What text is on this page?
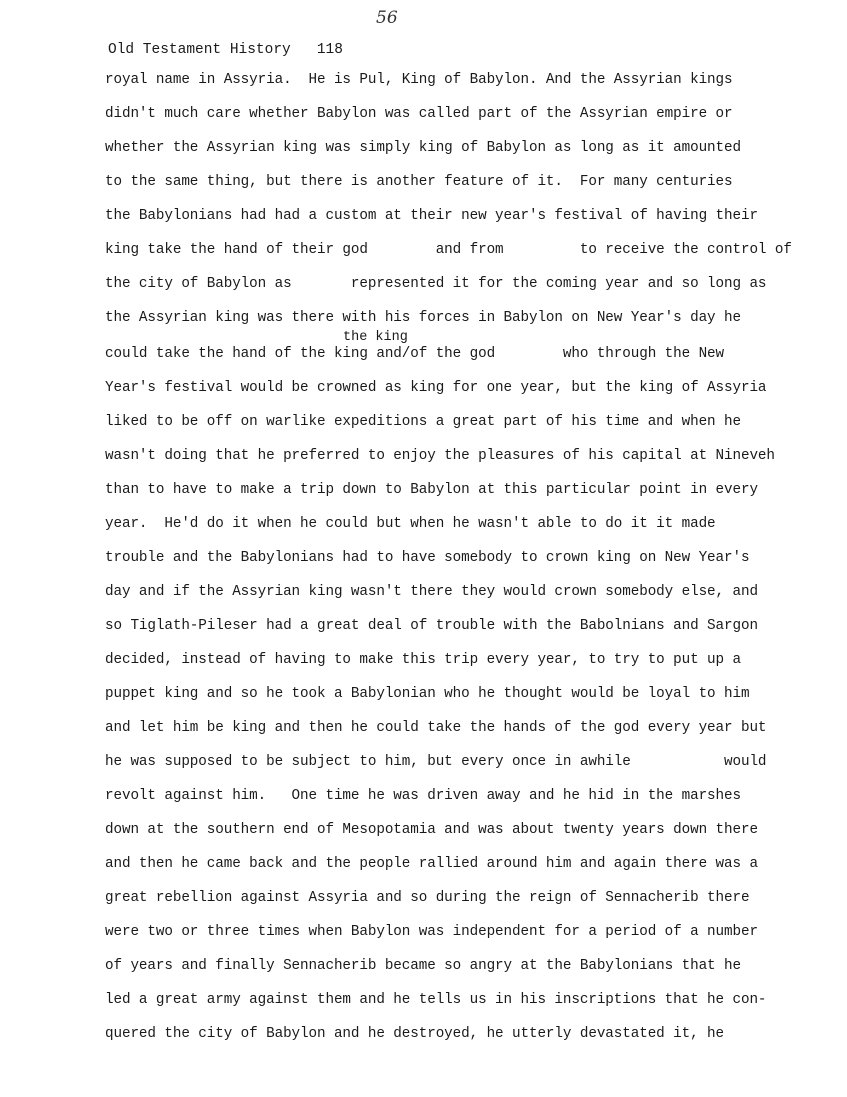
56
Old Testament History   118
royal name in Assyria.  He is Pul, King of Babylon. And the Assyrian kings
didn't much care whether Babylon was called part of the Assyrian empire or
whether the Assyrian king was simply king of Babylon as long as it amounted
to the same thing, but there is another feature of it.  For many centuries
the Babylonians had had a custom at their new year's festival of having their
king take the hand of their god        and from         to receive the control of
the city of Babylon as       represented it for the coming year and so long as
the Assyrian king was there with his forces in Babylon on New Year's day he
the king
could take the hand of the king and/of the god        who through the New
Year's festival would be crowned as king for one year, but the king of Assyria
liked to be off on warlike expeditions a great part of his time and when he
wasn't doing that he preferred to enjoy the pleasures of his capital at Nineveh
than to have to make a trip down to Babylon at this particular point in every
year.  He'd do it when he could but when he wasn't able to do it it made
trouble and the Babylonians had to have somebody to crown king on New Year's
day and if the Assyrian king wasn't there they would crown somebody else, and
so Tiglath-Pileser had a great deal of trouble with the Babolnians and Sargon
decided, instead of having to make this trip every year, to try to put up a
puppet king and so he took a Babylonian who he thought would be loyal to him
and let him be king and then he could take the hands of the god every year but
he was supposed to be subject to him, but every once in awhile           would
revolt against him.   One time he was driven away and he hid in the marshes
down at the southern end of Mesopotamia and was about twenty years down there
and then he came back and the people rallied around him and again there was a
great rebellion against Assyria and so during the reign of Sennacherib there
were two or three times when Babylon was independent for a period of a number
of years and finally Sennacherib became so angry at the Babylonians that he
led a great army against them and he tells us in his inscriptions that he con-
quered the city of Babylon and he destroyed, he utterly devastated it, he
